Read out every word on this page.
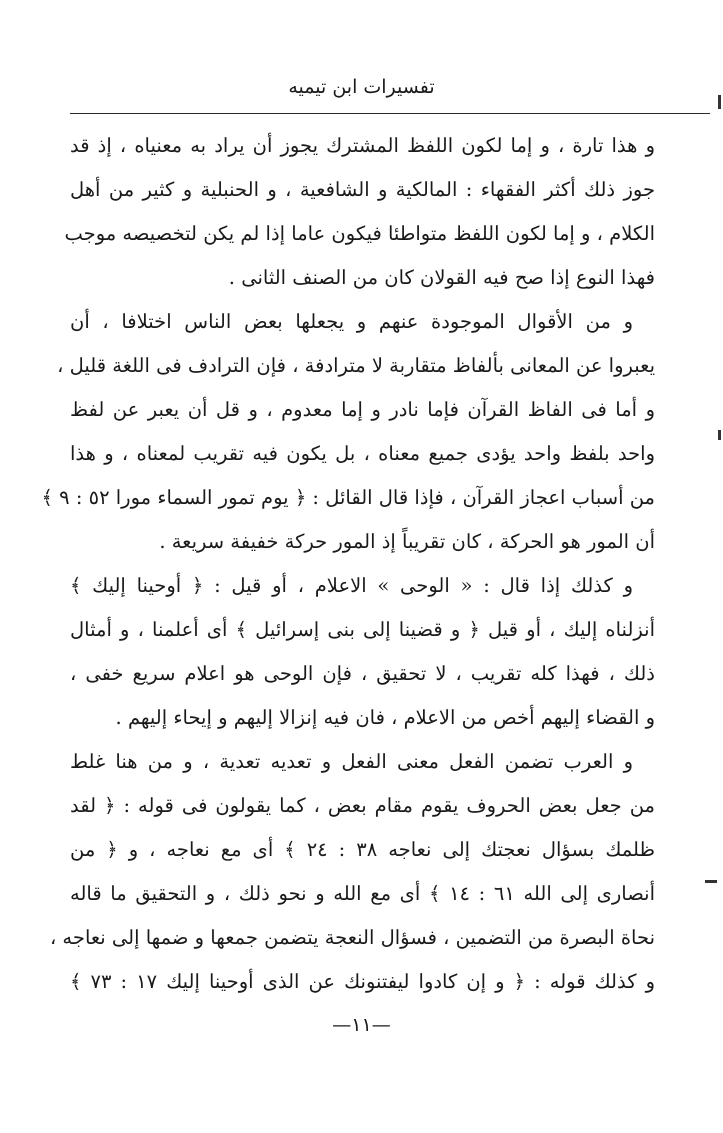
تفسيرات ابن تيميه
و هذا تارة ، و إما لكون اللفظ المشترك يجوز أن يراد به معنياه ، إذ قد
جوز ذلك أكثر الفقهاء : المالكية و الشافعية ، و الحنبلية و كثير من أهل
الكلام ، و إما لكون اللفظ متواطئا فيكون عاما إذا لم يكن لتخصيصه موجب
فهذا النوع إذا صح فيه القولان كان من الصنف الثانى .
و من الأقوال الموجودة عنهم و يجعلها بعض الناس اختلافا ، أن
يعبروا عن المعانى بألفاظ متقاربة لا مترادفة ، فإن الترادف فى اللغة قليل ،
و أما فى الفاظ القرآن فإما نادر و إما معدوم ، و قل أن يعبر عن لفظ
واحد بلفظ واحد يؤدى جميع معناه ، بل يكون فيه تقريب لمعناه ، و هذا
من أسباب اعجاز القرآن ، فإذا قال القائل : ﴿ يوم تمور السماء مورا ٥٢ : ٩ ﴾
أن المور هو الحركة ، كان تقريباً إذ المور حركة خفيفة سريعة .
و كذلك إذا قال : « الوحى » الاعلام ، أو قيل : ﴿ أوحينا إليك ﴾
أنزلناه إليك ، أو قيل ﴿ و قضينا إلى بنى إسرائيل ﴾ أى أعلمنا ، و أمثال
ذلك ، فهذا كله تقريب ، لا تحقيق ، فإن الوحى هو اعلام سريع خفى ،
و القضاء إليهم أخص من الاعلام ، فان فيه إنزالا إليهم و إيحاء إليهم .
و العرب تضمن الفعل معنى الفعل و تعديه تعدية ، و من هنا غلط
من جعل بعض الحروف يقوم مقام بعض ، كما يقولون فى قوله : ﴿ لقد
ظلمك بسؤال نعجتك إلى نعاجه ٣٨ : ٢٤ ﴾ أى مع نعاجه ، و ﴿ من
أنصارى إلى الله ٦١ : ١٤ ﴾ أى مع الله و نحو ذلك ، و التحقيق ما قاله
نحاة البصرة من التضمين ، فسؤال النعجة يتضمن جمعها و ضمها إلى نعاجه ،
و كذلك قوله : ﴿ و إن كادوا ليفتنونك عن الذى أوحينا إليك ١٧ : ٧٣ ﴾
—١١—
